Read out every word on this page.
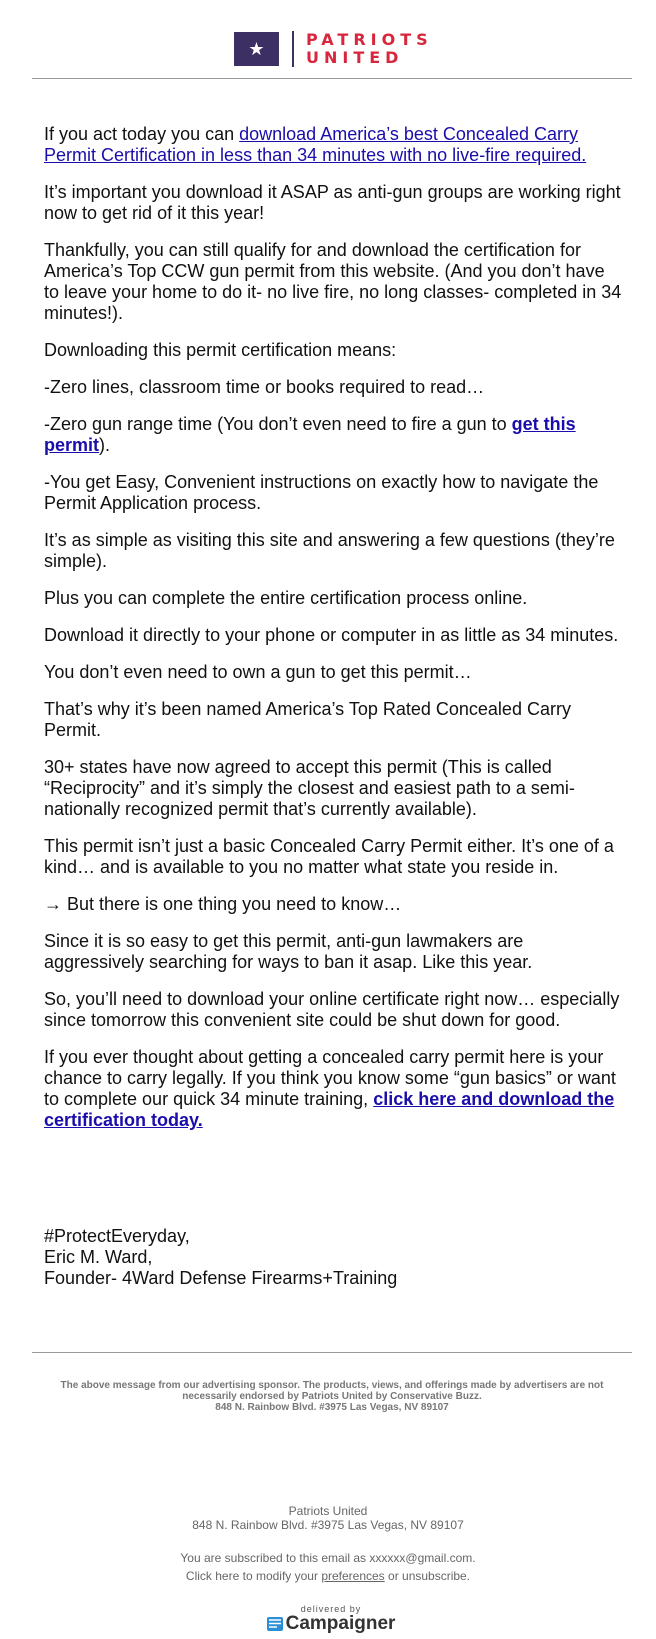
★	PATRIOTS
UNITED

If you act today you can download America’s best Concealed Carry Permit Certification in less than 34 minutes with no live-fire required.

It’s important you download it ASAP as anti-gun groups are working right now to get rid of it this year!

Thankfully, you can still qualify for and download the certification for America’s Top CCW gun permit from this website. (And you don’t have to leave your home to do it- no live fire, no long classes- completed in 34 minutes!).

Downloading this permit certification means:

-Zero lines, classroom time or books required to read…

-Zero gun range time (You don’t even need to fire a gun to get this permit).

-You get Easy, Convenient instructions on exactly how to navigate the Permit Application process.

It’s as simple as visiting this site and answering a few questions (they’re simple).

Plus you can complete the entire certification process online.

Download it directly to your phone or computer in as little as 34 minutes.

You don’t even need to own a gun to get this permit…

That’s why it’s been named America’s Top Rated Concealed Carry Permit.

30+ states have now agreed to accept this permit (This is called “Reciprocity” and it’s simply the closest and easiest path to a semi-nationally recognized permit that’s currently available).

This permit isn’t just a basic Concealed Carry Permit either. It’s one of a kind… and is available to you no matter what state you reside in.

→ But there is one thing you need to know…

Since it is so easy to get this permit, anti-gun lawmakers are aggressively searching for ways to ban it asap. Like this year.

So, you’ll need to download your online certificate right now… especially since tomorrow this convenient site could be shut down for good.

If you ever thought about getting a concealed carry permit here is your chance to carry legally. If you think you know some “gun basics” or want to complete our quick 34 minute training, click here and download the certification today.

#ProtectEveryday,
Eric M. Ward,
Founder- 4Ward Defense Firearms+Training
The above message from our advertising sponsor. The products, views, and offerings made by advertisers are not necessarily endorsed by Patriots United by Conservative Buzz.
848 N. Rainbow Blvd. #3975 Las Vegas, NV 89107
Patriots United
848 N. Rainbow Blvd. #3975 Las Vegas, NV 89107
You are subscribed to this email as xxxxxx@gmail.com.
Click here to modify your preferences or unsubscribe.
delivered by
Campaigner
